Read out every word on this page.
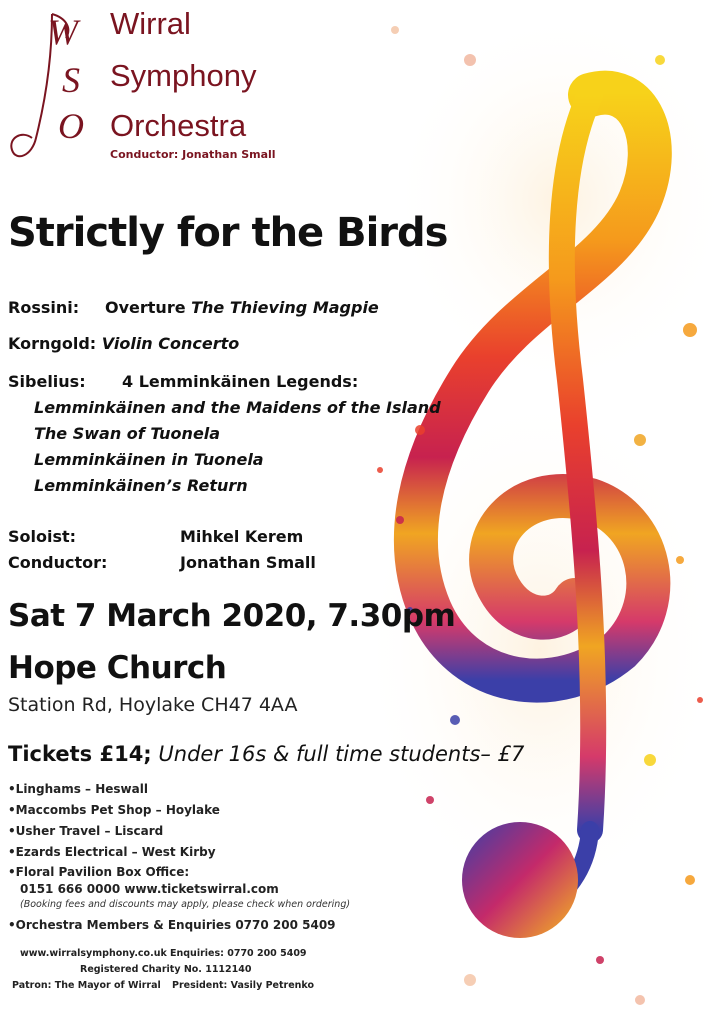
W
S
O
Wirral
Symphony
Orchestra
Conductor: Jonathan Small
Strictly for the Birds
Rossini: Overture The Thieving Magpie
Korngold: Violin Concerto
Sibelius: 4 Lemminkäinen Legends:
Lemminkäinen and the Maidens of the Island
The Swan of Tuonela
Lemminkäinen in Tuonela
Lemminkäinen’s Return
Soloist:	Mihkel Kerem
Conductor:	Jonathan Small
Sat 7 March 2020, 7.30pm
Hope Church
Station Rd, Hoylake CH47 4AA
Tickets £14; Under 16s & full time students– £7
•Linghams – Heswall
•Maccombs Pet Shop – Hoylake
•Usher Travel – Liscard
•Ezards Electrical – West Kirby
•Floral Pavilion Box Office:
0151 666 0000 www.ticketswirral.com
(Booking fees and discounts may apply, please check when ordering)
•Orchestra Members & Enquiries 0770 200 5409
www.wirralsymphony.co.uk Enquiries: 0770 200 5409
Registered Charity No. 1112140
Patron: The Mayor of Wirral President: Vasily Petrenko
